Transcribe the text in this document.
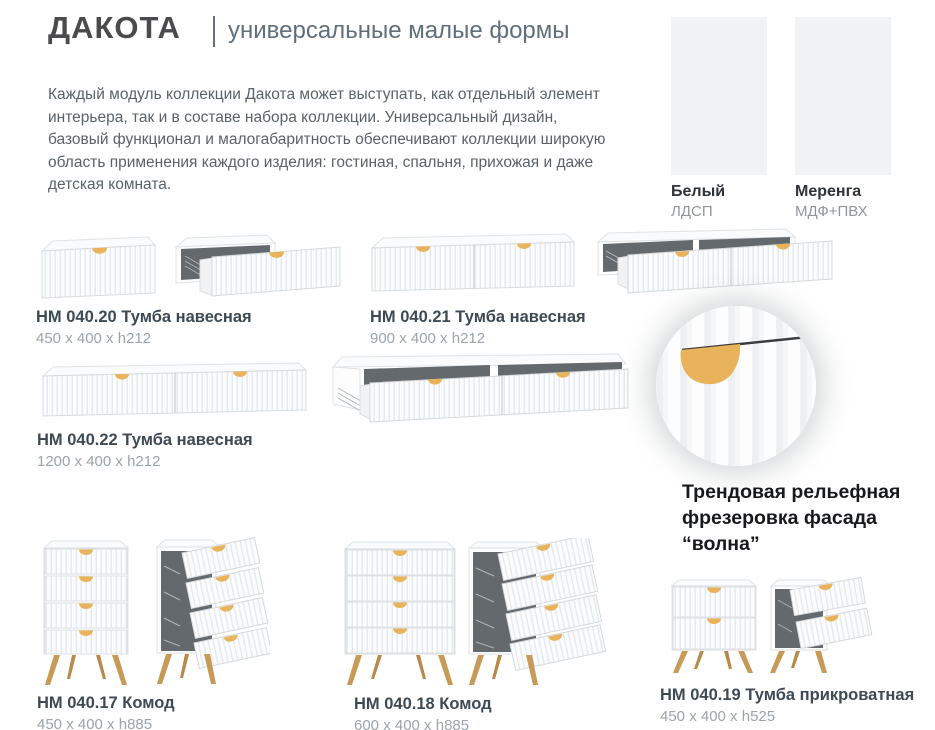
ДАКОТА универсальные малые формы

Каждый модуль коллекции Дакота может выступать, как отдельный элемент интерьера, так и в составе набора коллекции. Универсальный дизайн, базовый функционал и малогабаритность обеспечивают коллекции широкую область применения каждого изделия: гостиная, спальня, прихожая и даже детская комната.	Белый
ЛДСП
Меренга
МДФ+ПВХ
НМ 040.20 Тумба навесная
450 x 400 x h212
НМ 040.21 Тумба навесная
900 x 400 x h212
НМ 040.22 Тумба навесная
1200 x 400 x h212
Трендовая рельефная фрезеровка фасада “волна”
НМ 040.17 Комод
450 x 400 x h885
НМ 040.18 Комод
600 x 400 x h885
НМ 040.19 Тумба прикроватная
450 x 400 x h525
